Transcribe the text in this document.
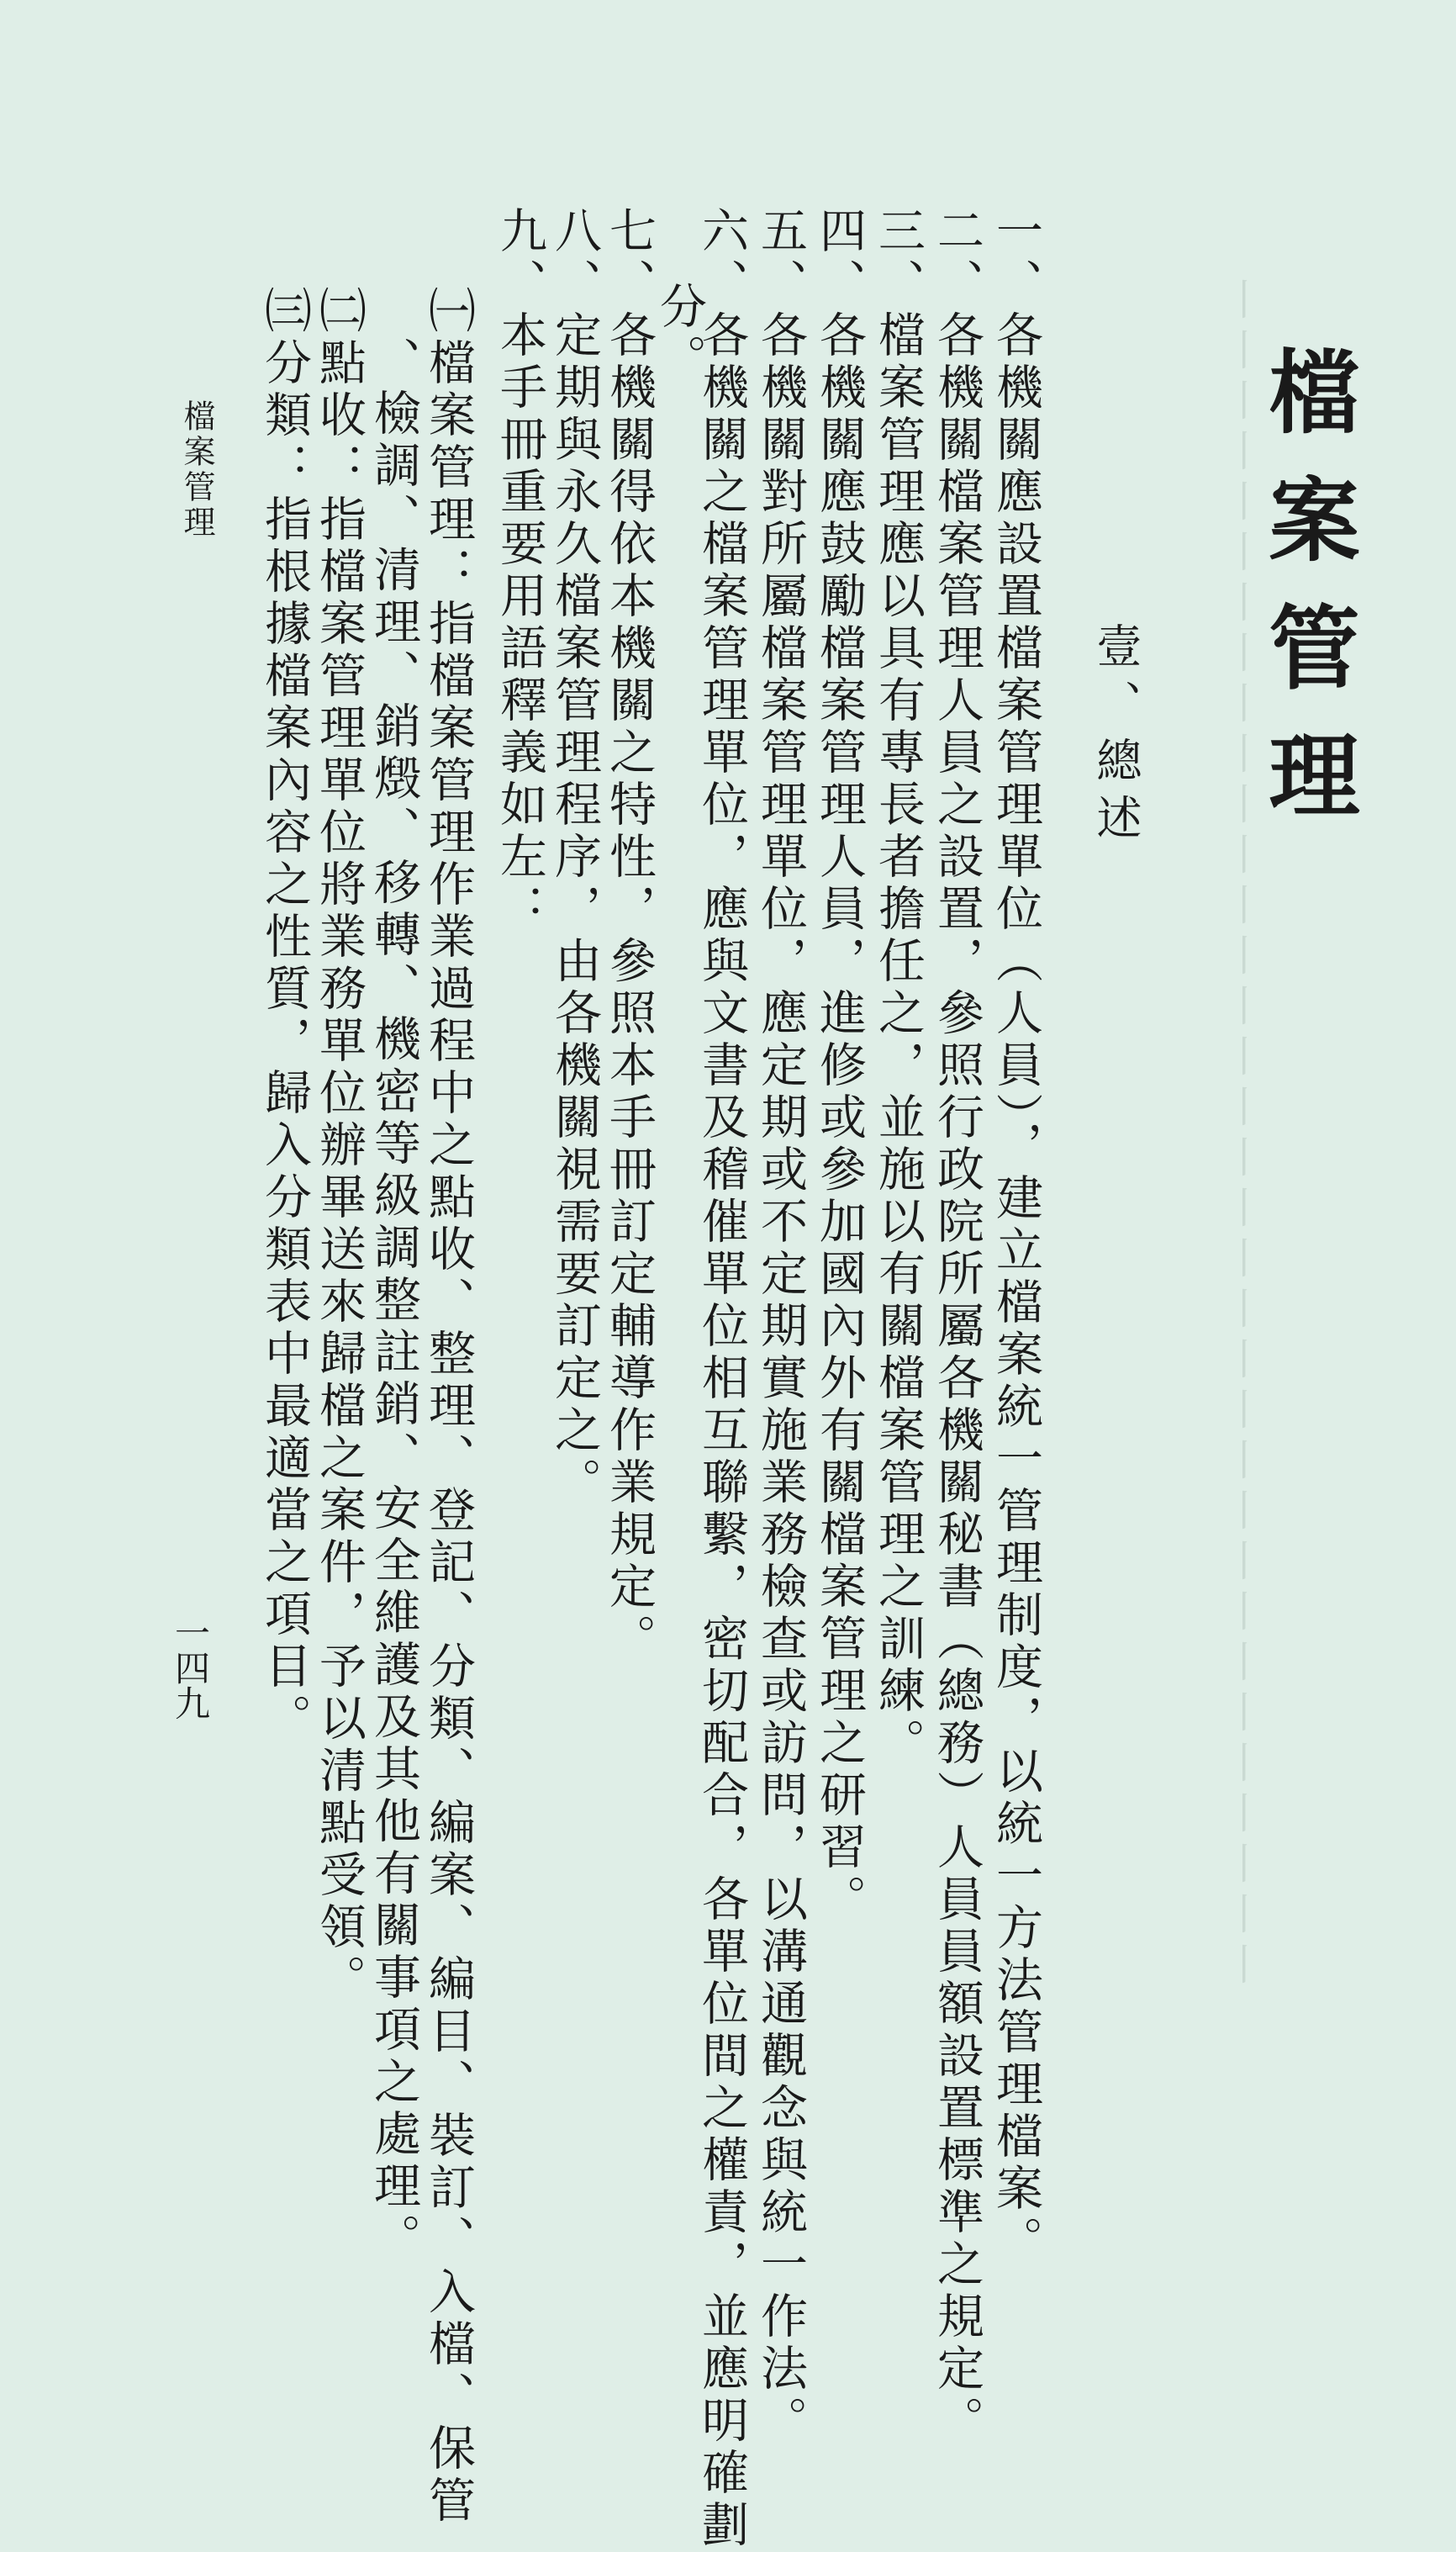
⼁⼁⼁⼁⼁⼁⼁⼁⼁⼁⼁⼁⼁⼁⼁⼁⼁⼁⼁⼁⼁⼁⼁⼁⼁⼁⼁⼁⼁⼁⼁⼁⼁⼁
檔案管理
壹、總述
一、各機關應設置檔案管理單位（人員），建立檔案統一管理制度，以統一方法管理檔案。
二、各機關檔案管理人員之設置，參照行政院所屬各機關秘書（總務）人員員額設置標準之規定。
三、檔案管理應以具有專長者擔任之，並施以有關檔案管理之訓練。
四、各機關應鼓勵檔案管理人員，進修或參加國內外有關檔案管理之研習。
五、各機關對所屬檔案管理單位，應定期或不定期實施業務檢查或訪問，以溝通觀念與統一作法。
六、各機關之檔案管理單位，應與文書及稽催單位相互聯繫，密切配合，各單位間之權責，並應明確劃
分。
七、各機關得依本機關之特性，參照本手冊訂定輔導作業規定。
八、定期與永久檔案管理程序，由各機關視需要訂定之。
九、本手冊重要用語釋義如左：
㈠檔案管理：指檔案管理作業過程中之點收、整理、登記、分類、編案、編目、裝訂、入檔、保管
、檢調、清理、銷燬、移轉、機密等級調整註銷、安全維護及其他有關事項之處理。
㈡點收：指檔案管理單位將業務單位辦畢送來歸檔之案件，予以清點受領。
㈢分類：指根據檔案內容之性質，歸入分類表中最適當之項目。
檔案管理
一四九
